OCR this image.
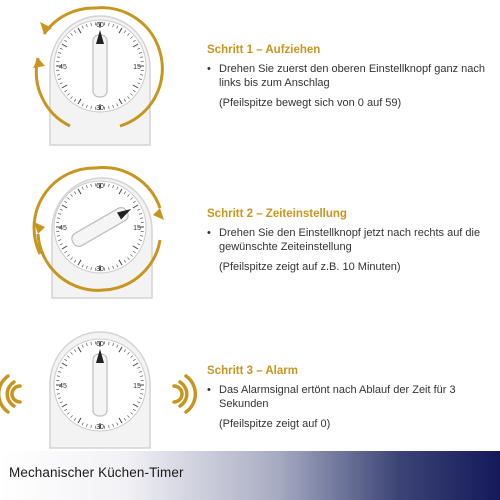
60
15
30
45
Schritt 1 – Aufziehen
• Drehen Sie zuerst den oberen Einstellknopf ganz nach links bis zum Anschlag
(Pfeilspitze bewegt sich von 0 auf 59)
60
15
30
45
Schritt 2 – Zeiteinstellung
• Drehen Sie den Einstellknopf jetzt nach rechts auf die gewünschte Zeiteinstellung
(Pfeilspitze zeigt auf z.B. 10 Minuten)
60
15
30
45
Schritt 3 – Alarm
• Das Alarmsignal ertönt nach Ablauf der Zeit für 3 Sekunden
(Pfeilspitze zeigt auf 0)
Mechanischer Küchen-Timer
